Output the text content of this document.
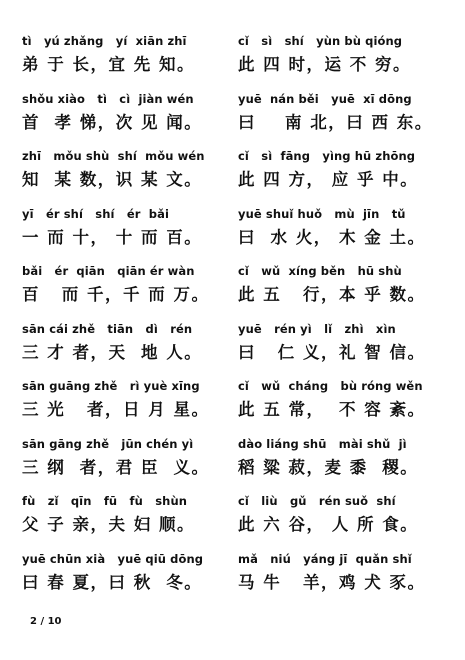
tì   yú zhǎng   yí  xiān zhī
弟 于 长，宜 先 知。
shǒu xiào   tì   cì  jiàn wén
首  孝 悌，次 见 闻。
zhī   mǒu shù  shí  mǒu wén
知  某 数，识 某 文。
yī   ér shí   shí   ér  bǎi
一 而 十， 十 而 百。
bǎi   ér  qiān   qiān ér wàn
百   而 千，千 而 万。
sān cái zhě   tiān   dì   rén
三 才 者，天  地 人。
sān guāng zhě   rì yuè xīng
三 光   者，日 月 星。
sān gāng zhě   jūn chén yì
三 纲  者，君 臣  义。
fù   zǐ   qīn   fū   fù   shùn
父 子 亲，夫 妇 顺。
yuē chūn xià   yuē qiū dōng
曰 春 夏，曰 秋  冬。
cǐ   sì   shí   yùn bù qióng
此 四 时，运 不 穷。
yuē  nán běi   yuē  xī dōng
曰    南 北，曰 西 东。
cǐ   sì  fāng   yìng hū zhōng
此 四 方， 应 乎 中。
yuē shuǐ huǒ   mù  jīn   tǔ
曰  水 火， 木 金 土。
cǐ   wǔ  xíng běn   hū shù
此 五   行，本 乎 数。
yuē   rén yì   lǐ   zhì   xìn
曰   仁 义，礼 智 信。
cǐ   wǔ  cháng   bù róng wěn
此 五 常，  不 容 紊。
dào liáng shū   mài shǔ  jì
稻 粱 菽，麦 黍  稷。
cǐ   liù   gǔ   rén suǒ  shí
此 六 谷， 人 所 食。
mǎ   niú   yáng jī  quǎn shǐ
马 牛   羊，鸡 犬 豕。
2 / 10
